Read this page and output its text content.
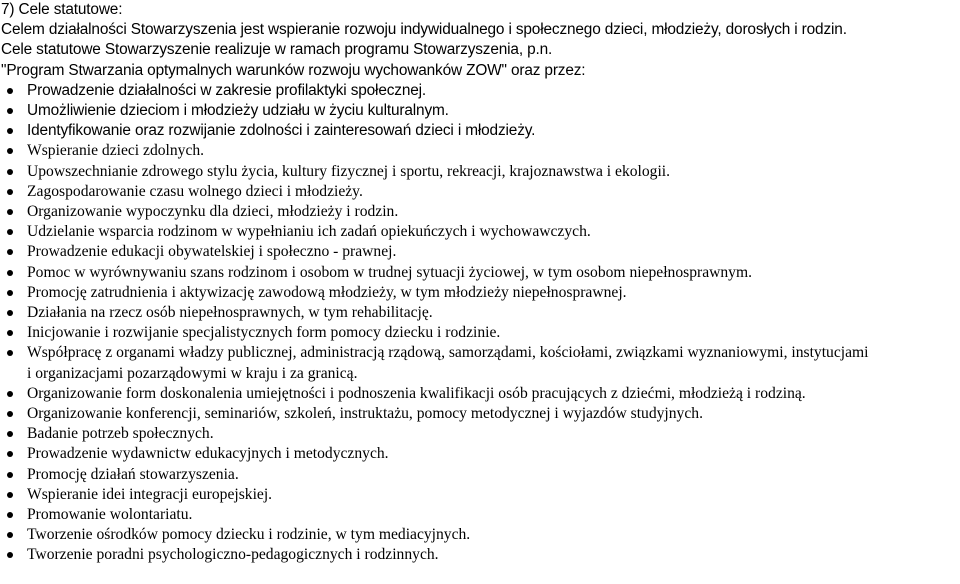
7) Cele statutowe:
Celem działalności Stowarzyszenia jest wspieranie rozwoju indywidualnego i społecznego dzieci, młodzieży, dorosłych i rodzin.
Cele statutowe Stowarzyszenie realizuje w ramach programu Stowarzyszenia, p.n.
"Program Stwarzania optymalnych warunków rozwoju wychowanków ZOW" oraz przez:
Prowadzenie działalności w zakresie profilaktyki społecznej.
Umożliwienie dzieciom i młodzieży udziału w życiu kulturalnym.
Identyfikowanie oraz rozwijanie zdolności i zainteresowań dzieci i młodzieży.
Wspieranie dzieci zdolnych.
Upowszechnianie zdrowego stylu życia, kultury fizycznej i sportu, rekreacji, krajoznawstwa i ekologii.
Zagospodarowanie czasu wolnego dzieci i młodzieży.
Organizowanie wypoczynku dla dzieci, młodzieży i rodzin.
Udzielanie wsparcia rodzinom w wypełnianiu ich zadań opiekuńczych i wychowawczych.
Prowadzenie edukacji obywatelskiej i społeczno - prawnej.
Pomoc w wyrównywaniu szans rodzinom i osobom w trudnej sytuacji życiowej, w tym osobom niepełnosprawnym.
Promocję zatrudnienia i aktywizację zawodową młodzieży, w tym młodzieży niepełnosprawnej.
Działania na rzecz osób niepełnosprawnych, w tym rehabilitację.
Inicjowanie i rozwijanie specjalistycznych form pomocy dziecku i rodzinie.
Współpracę z organami władzy publicznej, administracją rządową, samorządami, kościołami, związkami wyznaniowymi, instytucjami
i organizacjami pozarządowymi w kraju i za granicą.
Organizowanie form doskonalenia umiejętności i podnoszenia kwalifikacji osób pracujących z dziećmi, młodzieżą i rodziną.
Organizowanie konferencji, seminariów, szkoleń, instruktażu, pomocy metodycznej i wyjazdów studyjnych.
Badanie potrzeb społecznych.
Prowadzenie wydawnictw edukacyjnych i metodycznych.
Promocję działań stowarzyszenia.
Wspieranie idei integracji europejskiej.
Promowanie wolontariatu.
Tworzenie ośrodków pomocy dziecku i rodzinie, w tym mediacyjnych.
Tworzenie poradni psychologiczno-pedagogicznych i rodzinnych.
